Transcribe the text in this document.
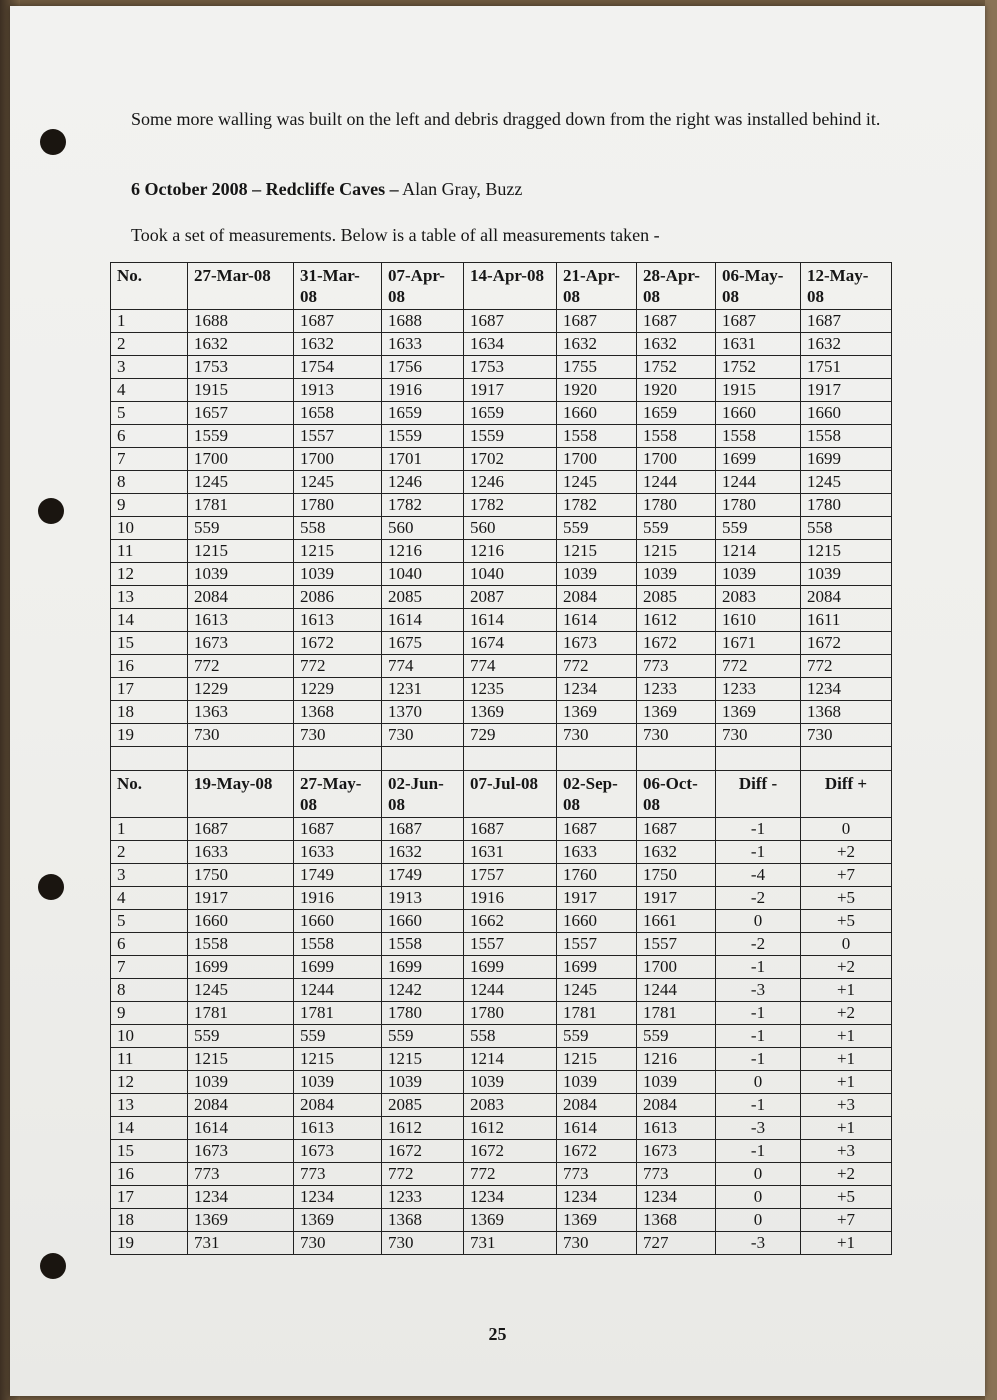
Some more walling was built on the left and debris dragged down from the right was installed behind it.
6 October 2008 – Redcliffe Caves – Alan Gray, Buzz
Took a set of measurements. Below is a table of all measurements taken -
No.	27-Mar-08	31-Mar-08	07-Apr-08	14-Apr-08	21-Apr-08	28-Apr-08	06-May-08	12-May-08
1	1688	1687	1688	1687	1687	1687	1687	1687
2	1632	1632	1633	1634	1632	1632	1631	1632
3	1753	1754	1756	1753	1755	1752	1752	1751
4	1915	1913	1916	1917	1920	1920	1915	1917
5	1657	1658	1659	1659	1660	1659	1660	1660
6	1559	1557	1559	1559	1558	1558	1558	1558
7	1700	1700	1701	1702	1700	1700	1699	1699
8	1245	1245	1246	1246	1245	1244	1244	1245
9	1781	1780	1782	1782	1782	1780	1780	1780
10	559	558	560	560	559	559	559	558
11	1215	1215	1216	1216	1215	1215	1214	1215
12	1039	1039	1040	1040	1039	1039	1039	1039
13	2084	2086	2085	2087	2084	2085	2083	2084
14	1613	1613	1614	1614	1614	1612	1610	1611
15	1673	1672	1675	1674	1673	1672	1671	1672
16	772	772	774	774	772	773	772	772
17	1229	1229	1231	1235	1234	1233	1233	1234
18	1363	1368	1370	1369	1369	1369	1369	1368
19	730	730	730	729	730	730	730	730

No.	19-May-08	27-May-08	02-Jun-08	07-Jul-08	02-Sep-08	06-Oct-08	Diff -	Diff +
1	1687	1687	1687	1687	1687	1687	-1	0
2	1633	1633	1632	1631	1633	1632	-1	+2
3	1750	1749	1749	1757	1760	1750	-4	+7
4	1917	1916	1913	1916	1917	1917	-2	+5
5	1660	1660	1660	1662	1660	1661	0	+5
6	1558	1558	1558	1557	1557	1557	-2	0
7	1699	1699	1699	1699	1699	1700	-1	+2
8	1245	1244	1242	1244	1245	1244	-3	+1
9	1781	1781	1780	1780	1781	1781	-1	+2
10	559	559	559	558	559	559	-1	+1
11	1215	1215	1215	1214	1215	1216	-1	+1
12	1039	1039	1039	1039	1039	1039	0	+1
13	2084	2084	2085	2083	2084	2084	-1	+3
14	1614	1613	1612	1612	1614	1613	-3	+1
15	1673	1673	1672	1672	1672	1673	-1	+3
16	773	773	772	772	773	773	0	+2
17	1234	1234	1233	1234	1234	1234	0	+5
18	1369	1369	1368	1369	1369	1368	0	+7
19	731	730	730	731	730	727	-3	+1
25
